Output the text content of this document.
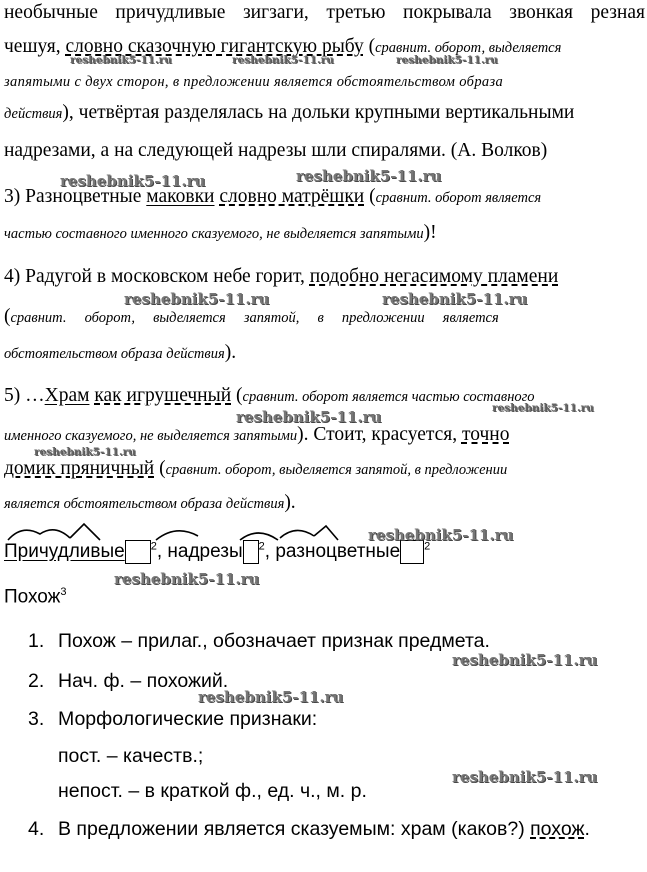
необычные причудливые зигзаги, третью покрывала звонкая резная
чешуя, словно сказочную гигантскую рыбу (сравнит. оборот, выделяется
запятыми с двух сторон, в предложении является обстоятельством образа
действия), четвёртая разделялась на дольки крупными вертикальными
надрезами, а на следующей надрезы шли спиралями. (А. Волков)
3) Разноцветные маковки словно матрёшки (сравнит. оборот является
частью составного именного сказуемого, не выделяется запятыми)!
4) Радугой в московском небе горит, подобно негасимому пламени
(сравнит.     оборот,     выделяется     запятой,     в     предложении     является
обстоятельством образа действия).
5) …Храм как игрушечный (сравнит. оборот является частью составного
именного сказуемого, не выделяется запятыми). Стоит, красуется, точно
домик пряничный (сравнит. оборот, выделяется запятой, в предложении
является обстоятельством образа действия).
Причудливые $^2$, надрезы $^2$, разноцветные $^2$
Похож$^3$
1. Похож – прилаг., обозначает признак предмета.
2. Нач. ф. – похожий.
3. Морфологические признаки:
пост. – качеств.;
непост. – в краткой ф., ед. ч., м. р.
4. В предложении является сказуемым: храм (каков?) похож.
reshebnik5-11.ru	reshebnik5-11.ru	reshebnik5-11.ru
reshebnik5-11.ru	reshebnik5-11.ru
reshebnik5-11.ru	reshebnik5-11.ru
reshebnik5-11.ru	reshebnik5-11.ru
reshebnik5-11.ru
reshebnik5-11.ru
reshebnik5-11.ru
reshebnik5-11.ru
reshebnik5-11.ru
reshebnik5-11.ru
